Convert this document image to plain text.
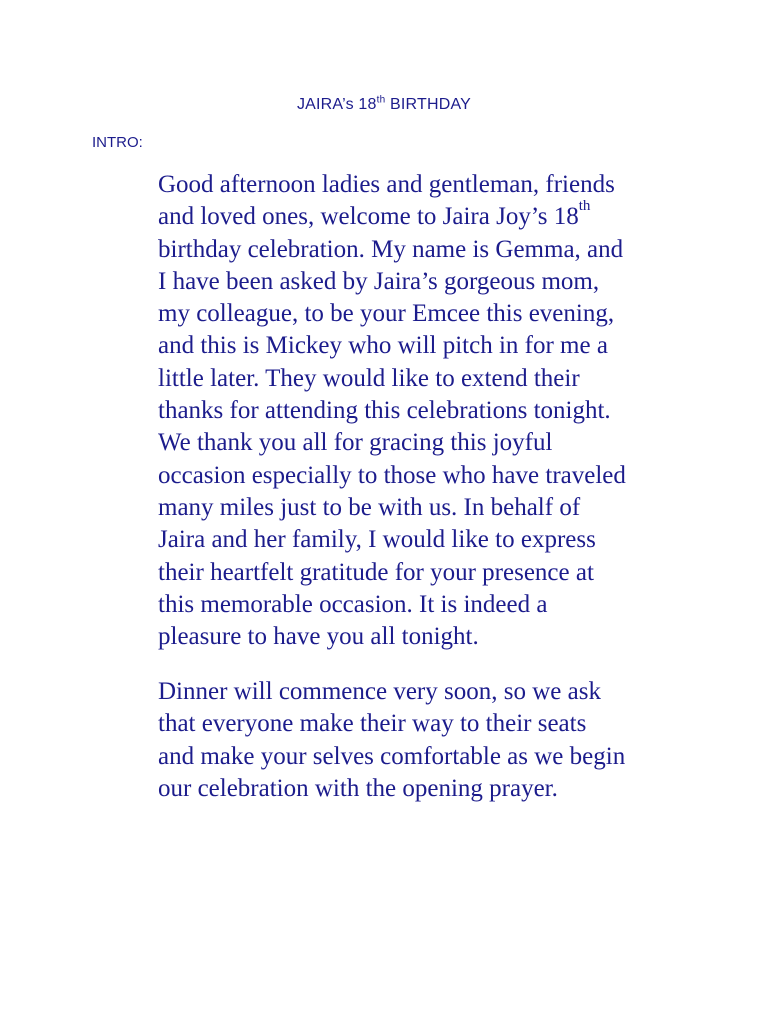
JAIRA’s 18th BIRTHDAY
INTRO:
Good afternoon ladies and gentleman, friends
and loved ones, welcome to Jaira Joy’s 18th
birthday celebration. My name is Gemma, and
I have been asked by Jaira’s gorgeous mom,
my colleague, to be your Emcee this evening,
and this is Mickey who will pitch in for me a
little later. They would like to extend their
thanks for attending this celebrations tonight.
We thank you all for gracing this joyful
occasion especially to those who have traveled
many miles just to be with us. In behalf of
Jaira and her family, I would like to express
their heartfelt gratitude for your presence at
this memorable occasion. It is indeed a
pleasure to have you all tonight.
Dinner will commence very soon, so we ask
that everyone make their way to their seats
and make your selves comfortable as we begin
our celebration with the opening prayer.
